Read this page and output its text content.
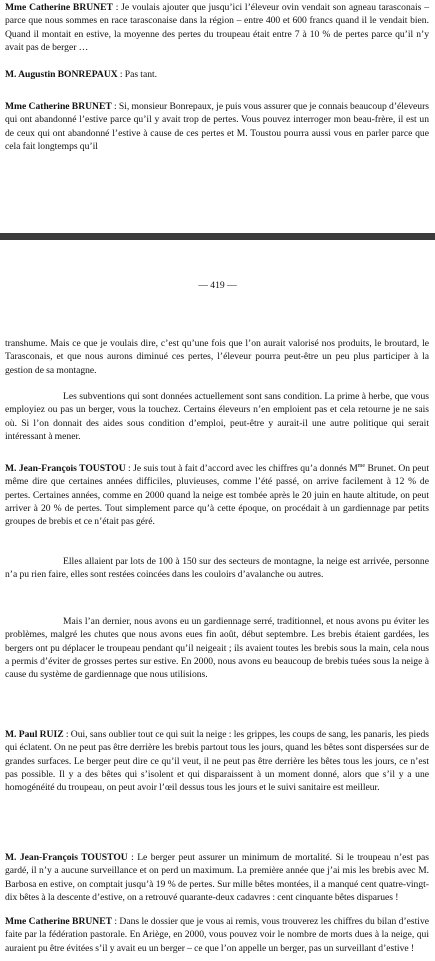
Mme Catherine BRUNET : Je voulais ajouter que jusqu’ici l’éleveur ovin vendait son agneau tarasconais – parce que nous sommes en race tarasconaise dans la région – entre 400 et 600 francs quand il le vendait bien. Quand il montait en estive, la moyenne des pertes du troupeau était entre 7 à 10 % de pertes parce qu’il n’y avait pas de berger …

M. Augustin BONREPAUX : Pas tant.

Mme Catherine BRUNET : Si, monsieur Bonrepaux, je puis vous assurer que je connais beaucoup d’éleveurs qui ont abandonné l’estive parce qu’il y avait trop de pertes. Vous pouvez interroger mon beau-frère, il est un de ceux qui ont abandonné l’estive à cause de ces pertes et M. Toustou pourra aussi vous en parler parce que cela fait longtemps qu’il

— 419 —

transhume. Mais ce que je voulais dire, c’est qu’une fois que l’on aurait valorisé nos produits, le broutard, le Tarasconais, et que nous aurons diminué ces pertes, l’éleveur pourra peut-être un peu plus participer à la gestion de sa montagne.

Les subventions qui sont données actuellement sont sans condition. La prime à herbe, que vous employiez ou pas un berger, vous la touchez. Certains éleveurs n’en emploient pas et cela retourne je ne sais où. Si l’on donnait des aides sous condition d’emploi, peut-être y aurait-il une autre politique qui serait intéressant à mener.

M. Jean-François TOUSTOU : Je suis tout à fait d’accord avec les chiffres qu’a donnés $M^{me}$ Brunet. On peut même dire que certaines années difficiles, pluvieuses, comme l’été passé, on arrive facilement à 12 % de pertes. Certaines années, comme en 2000 quand la neige est tombée après le 20 juin en haute altitude, on peut arriver à 20 % de pertes. Tout simplement parce qu’à cette époque, on procédait à un gardiennage par petits groupes de brebis et ce n’était pas géré.

Elles allaient par lots de 100 à 150 sur des secteurs de montagne, la neige est arrivée, personne n’a pu rien faire, elles sont restées coincées dans les couloirs d’avalanche ou autres.

Mais l’an dernier, nous avons eu un gardiennage serré, traditionnel, et nous avons pu éviter les problèmes, malgré les chutes que nous avons eues fin août, début septembre. Les brebis étaient gardées, les bergers ont pu déplacer le troupeau pendant qu’il neigeait ; ils avaient toutes les brebis sous la main, cela nous a permis d’éviter de grosses pertes sur estive. En 2000, nous avons eu beaucoup de brebis tuées sous la neige à cause du système de gardiennage que nous utilisions.

M. Paul RUIZ : Oui, sans oublier tout ce qui suit la neige : les grippes, les coups de sang, les panaris, les pieds qui éclatent. On ne peut pas être derrière les brebis partout tous les jours, quand les bêtes sont dispersées sur de grandes surfaces. Le berger peut dire ce qu’il veut, il ne peut pas être derrière les bêtes tous les jours, ce n’est pas possible. Il y a des bêtes qui s’isolent et qui disparaissent à un moment donné, alors que s’il y a une homogénéité du troupeau, on peut avoir l’œil dessus tous les jours et le suivi sanitaire est meilleur.

M. Jean-François TOUSTOU : Le berger peut assurer un minimum de mortalité. Si le troupeau n’est pas gardé, il n’y a aucune surveillance et on perd un maximum. La première année que j’ai mis les brebis avec M. Barbosa en estive, on comptait jusqu’à 19 % de pertes. Sur mille bêtes montées, il a manqué cent quatre-vingt-dix bêtes à la descente d’estive, on a retrouvé quarante-deux cadavres : cent cinquante bêtes disparues !

Mme Catherine BRUNET : Dans le dossier que je vous ai remis, vous trouverez les chiffres du bilan d’estive faite par la fédération pastorale. En Ariège, en 2000, vous pouvez voir le nombre de morts dues à la neige, qui auraient pu être évitées s’il y avait eu un berger – ce que l’on appelle un berger, pas un surveillant d’estive !
